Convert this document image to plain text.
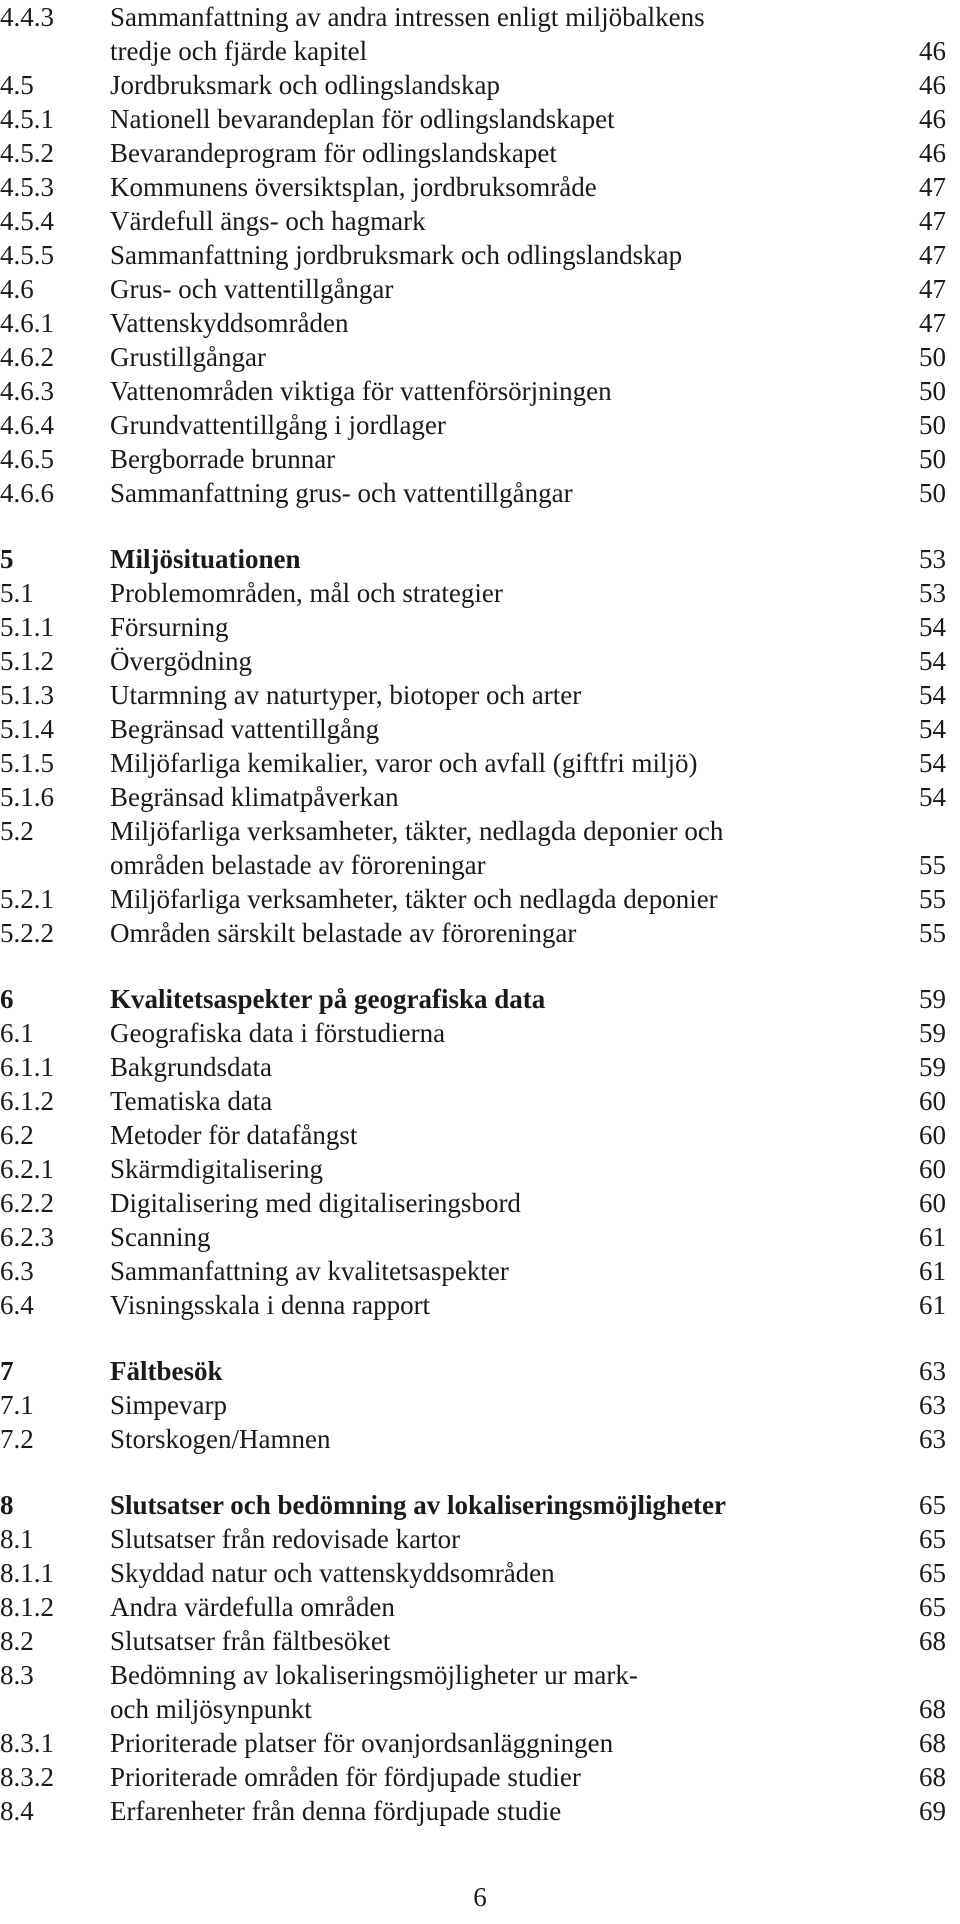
4.4.3 Sammanfattning av andra intressen enligt miljöbalkens
tredje och fjärde kapitel	46
4.5	Jordbruksmark och odlingslandskap	46
4.5.1 Nationell bevarandeplan för odlingslandskapet	46
4.5.2 Bevarandeprogram för odlingslandskapet	46
4.5.3 Kommunens översiktsplan, jordbruksområde	47
4.5.4 Värdefull ängs- och hagmark	47
4.5.5 Sammanfattning jordbruksmark och odlingslandskap	47
4.6	Grus- och vattentillgångar	47
4.6.1 Vattenskyddsområden	47
4.6.2 Grustillgångar	50
4.6.3 Vattenområden viktiga för vattenförsörjningen	50
4.6.4 Grundvattentillgång i jordlager	50
4.6.5 Bergborrade brunnar	50
4.6.6 Sammanfattning grus- och vattentillgångar	50
5	Miljösituationen	53
5.1	Problemområden, mål och strategier	53
5.1.1 Försurning	54
5.1.2 Övergödning	54
5.1.3 Utarmning av naturtyper, biotoper och arter	54
5.1.4 Begränsad vattentillgång	54
5.1.5 Miljöfarliga kemikalier, varor och avfall (giftfri miljö)	54
5.1.6 Begränsad klimatpåverkan	54
5.2	Miljöfarliga verksamheter, täkter, nedlagda deponier och
områden belastade av föroreningar	55
5.2.1 Miljöfarliga verksamheter, täkter och nedlagda deponier	55
5.2.2 Områden särskilt belastade av föroreningar	55
6	Kvalitetsaspekter på geografiska data	59
6.1	Geografiska data i förstudierna	59
6.1.1 Bakgrundsdata	59
6.1.2 Tematiska data	60
6.2	Metoder för datafångst	60
6.2.1 Skärmdigitalisering	60
6.2.2 Digitalisering med digitaliseringsbord	60
6.2.3 Scanning	61
6.3	Sammanfattning av kvalitetsaspekter	61
6.4	Visningsskala i denna rapport	61
7	Fältbesök	63
7.1	Simpevarp	63
7.2	Storskogen/Hamnen	63
8	Slutsatser och bedömning av lokaliseringsmöjligheter	65
8.1	Slutsatser från redovisade kartor	65
8.1.1 Skyddad natur och vattenskyddsområden	65
8.1.2 Andra värdefulla områden	65
8.2	Slutsatser från fältbesöket	68
8.3	Bedömning av lokaliseringsmöjligheter ur mark-
och miljösynpunkt	68
8.3.1 Prioriterade platser för ovanjordsanläggningen	68
8.3.2 Prioriterade områden för fördjupade studier	68
8.4	Erfarenheter från denna fördjupade studie	69
6
